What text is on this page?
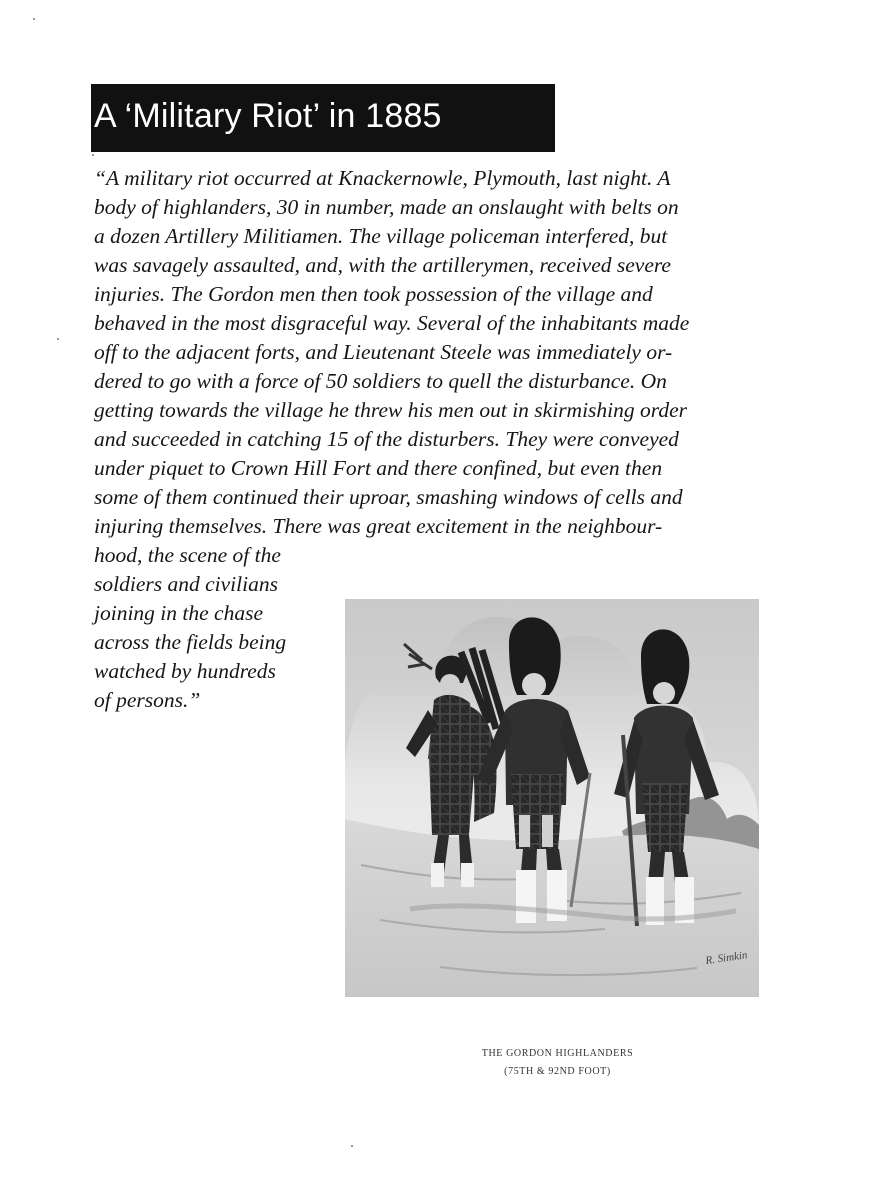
A ‘Military Riot’ in 1885
“A military riot occurred at Knackernowle, Plymouth, last night. A
body of highlanders, 30 in number, made an onslaught with belts on
a dozen Artillery Militiamen. The village policeman interfered, but
was savagely assaulted, and, with the artillerymen, received severe
injuries. The Gordon men then took possession of the village and
behaved in the most disgraceful way. Several of the inhabitants made
off to the adjacent forts, and Lieutenant Steele was immediately or-
dered to go with a force of 50 soldiers to quell the disturbance. On
getting towards the village he threw his men out in skirmishing order
and succeeded in catching 15 of the disturbers. They were conveyed
under piquet to Crown Hill Fort and there confined, but even then
some of them continued their uproar, smashing windows of cells and
injuring themselves. There was great excitement in the neighbour-
hood, the scene of the
soldiers and civilians
joining in the chase
across the fields being
watched by hundreds
of persons.”
R. Simkin
THE GORDON HIGHLANDERS
(75TH & 92ND FOOT)
